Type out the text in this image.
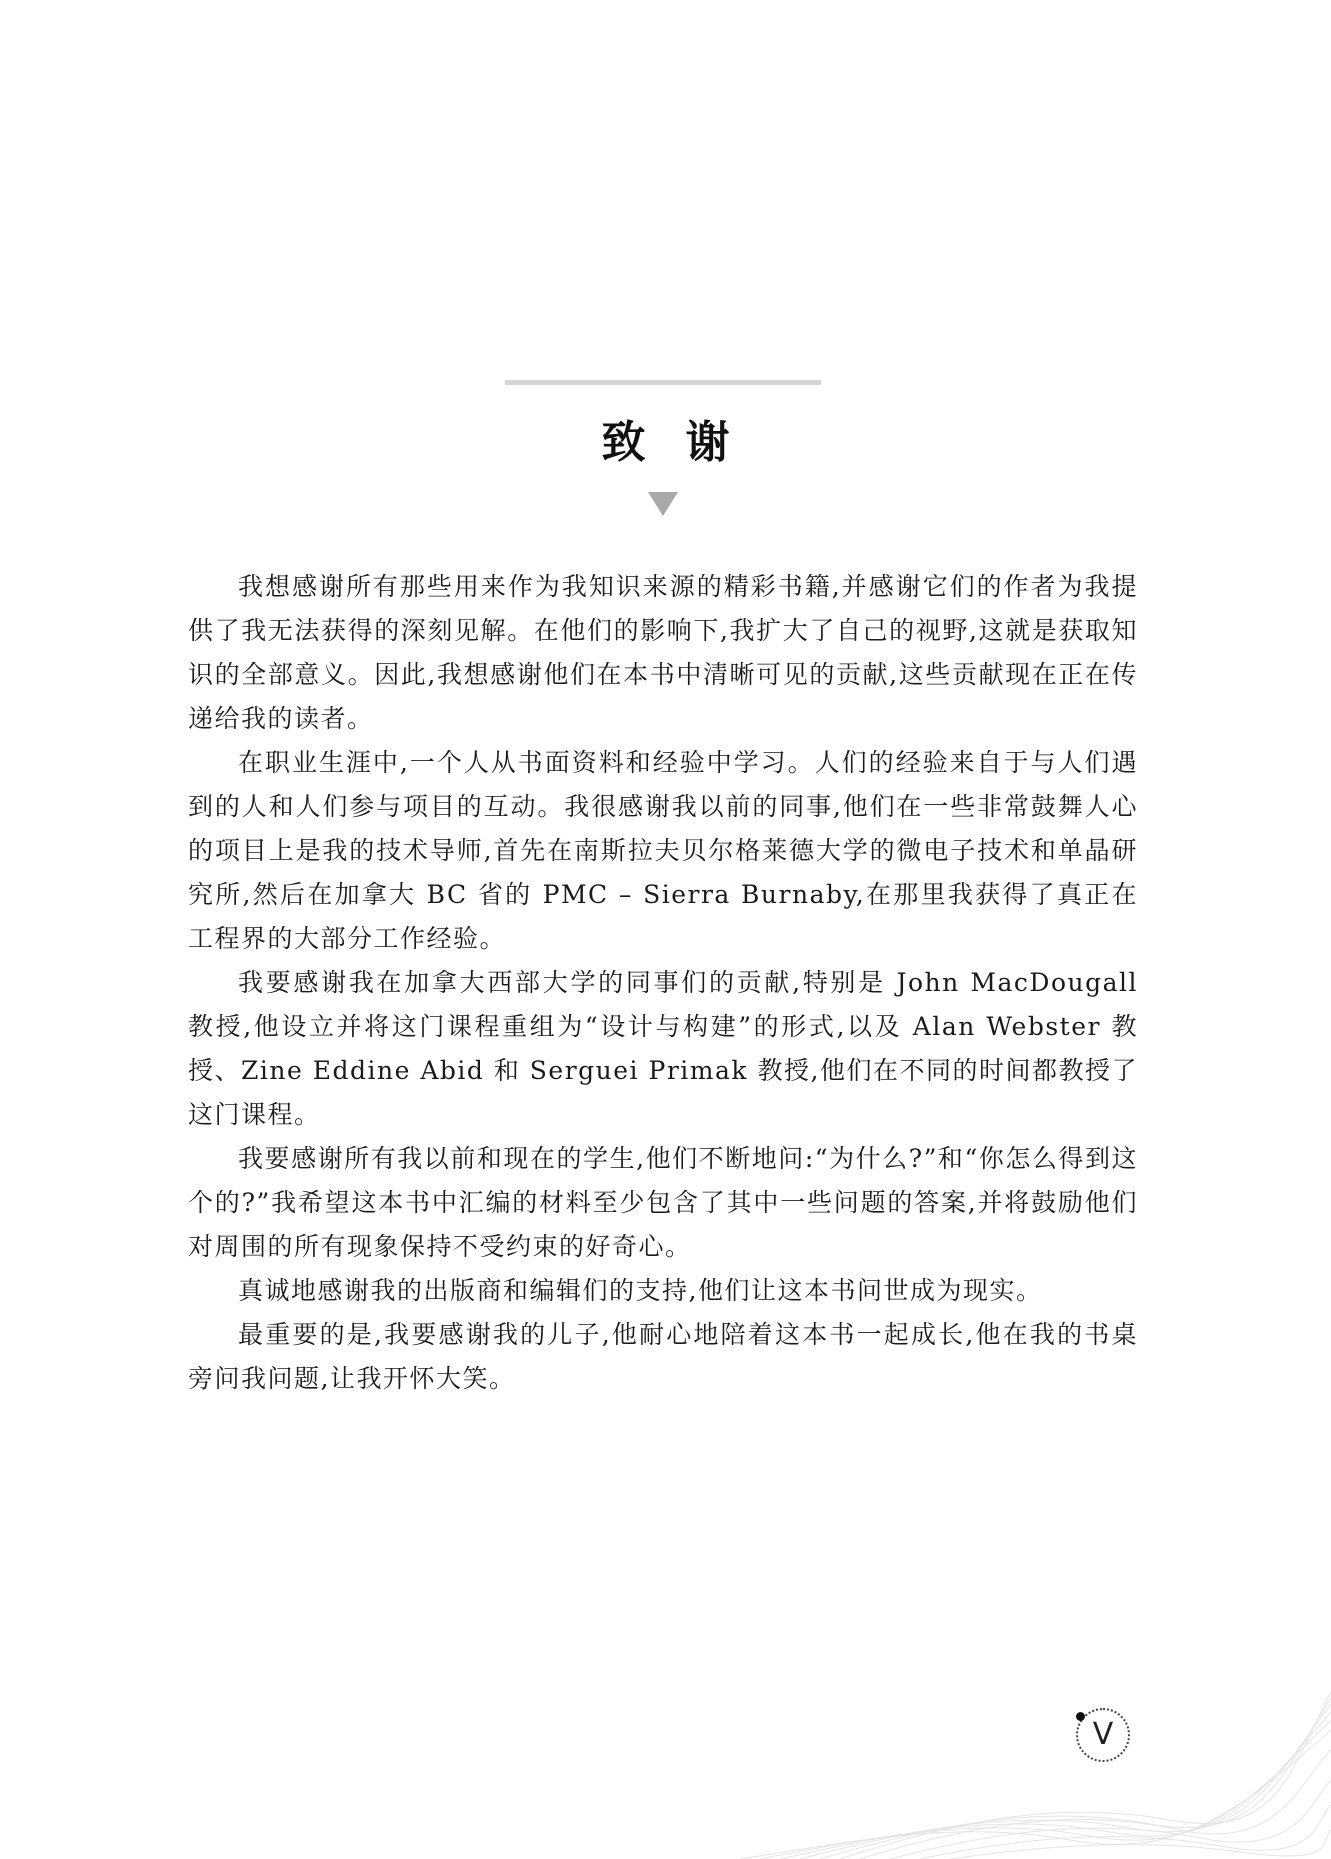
致谢

我想感谢所有那些用来作为我知识来源的精彩书籍,并感谢它们的作者为我提供了我无法获得的深刻见解。在他们的影响下,我扩大了自己的视野,这就是获取知识的全部意义。因此,我想感谢他们在本书中清晰可见的贡献,这些贡献现在正在传递给我的读者。

在职业生涯中,一个人从书面资料和经验中学习。人们的经验来自于与人们遇到的人和人们参与项目的互动。我很感谢我以前的同事,他们在一些非常鼓舞人心的项目上是我的技术导师,首先在南斯拉夫贝尔格莱德大学的微电子技术和单晶研究所,然后在加拿大 BC 省的 PMC – Sierra Burnaby,在那里我获得了真正在工程界的大部分工作经验。

我要感谢我在加拿大西部大学的同事们的贡献,特别是 John MacDougall 教授,他设立并将这门课程重组为“设计与构建”的形式,以及 Alan Webster 教授、Zine Eddine Abid 和 Serguei Primak 教授,他们在不同的时间都教授了这门课程。

我要感谢所有我以前和现在的学生,他们不断地问:“为什么?”和“你怎么得到这个的?”我希望这本书中汇编的材料至少包含了其中一些问题的答案,并将鼓励他们对周围的所有现象保持不受约束的好奇心。

真诚地感谢我的出版商和编辑们的支持,他们让这本书问世成为现实。

最重要的是,我要感谢我的儿子,他耐心地陪着这本书一起成长,他在我的书桌旁问我问题,让我开怀大笑。

V
